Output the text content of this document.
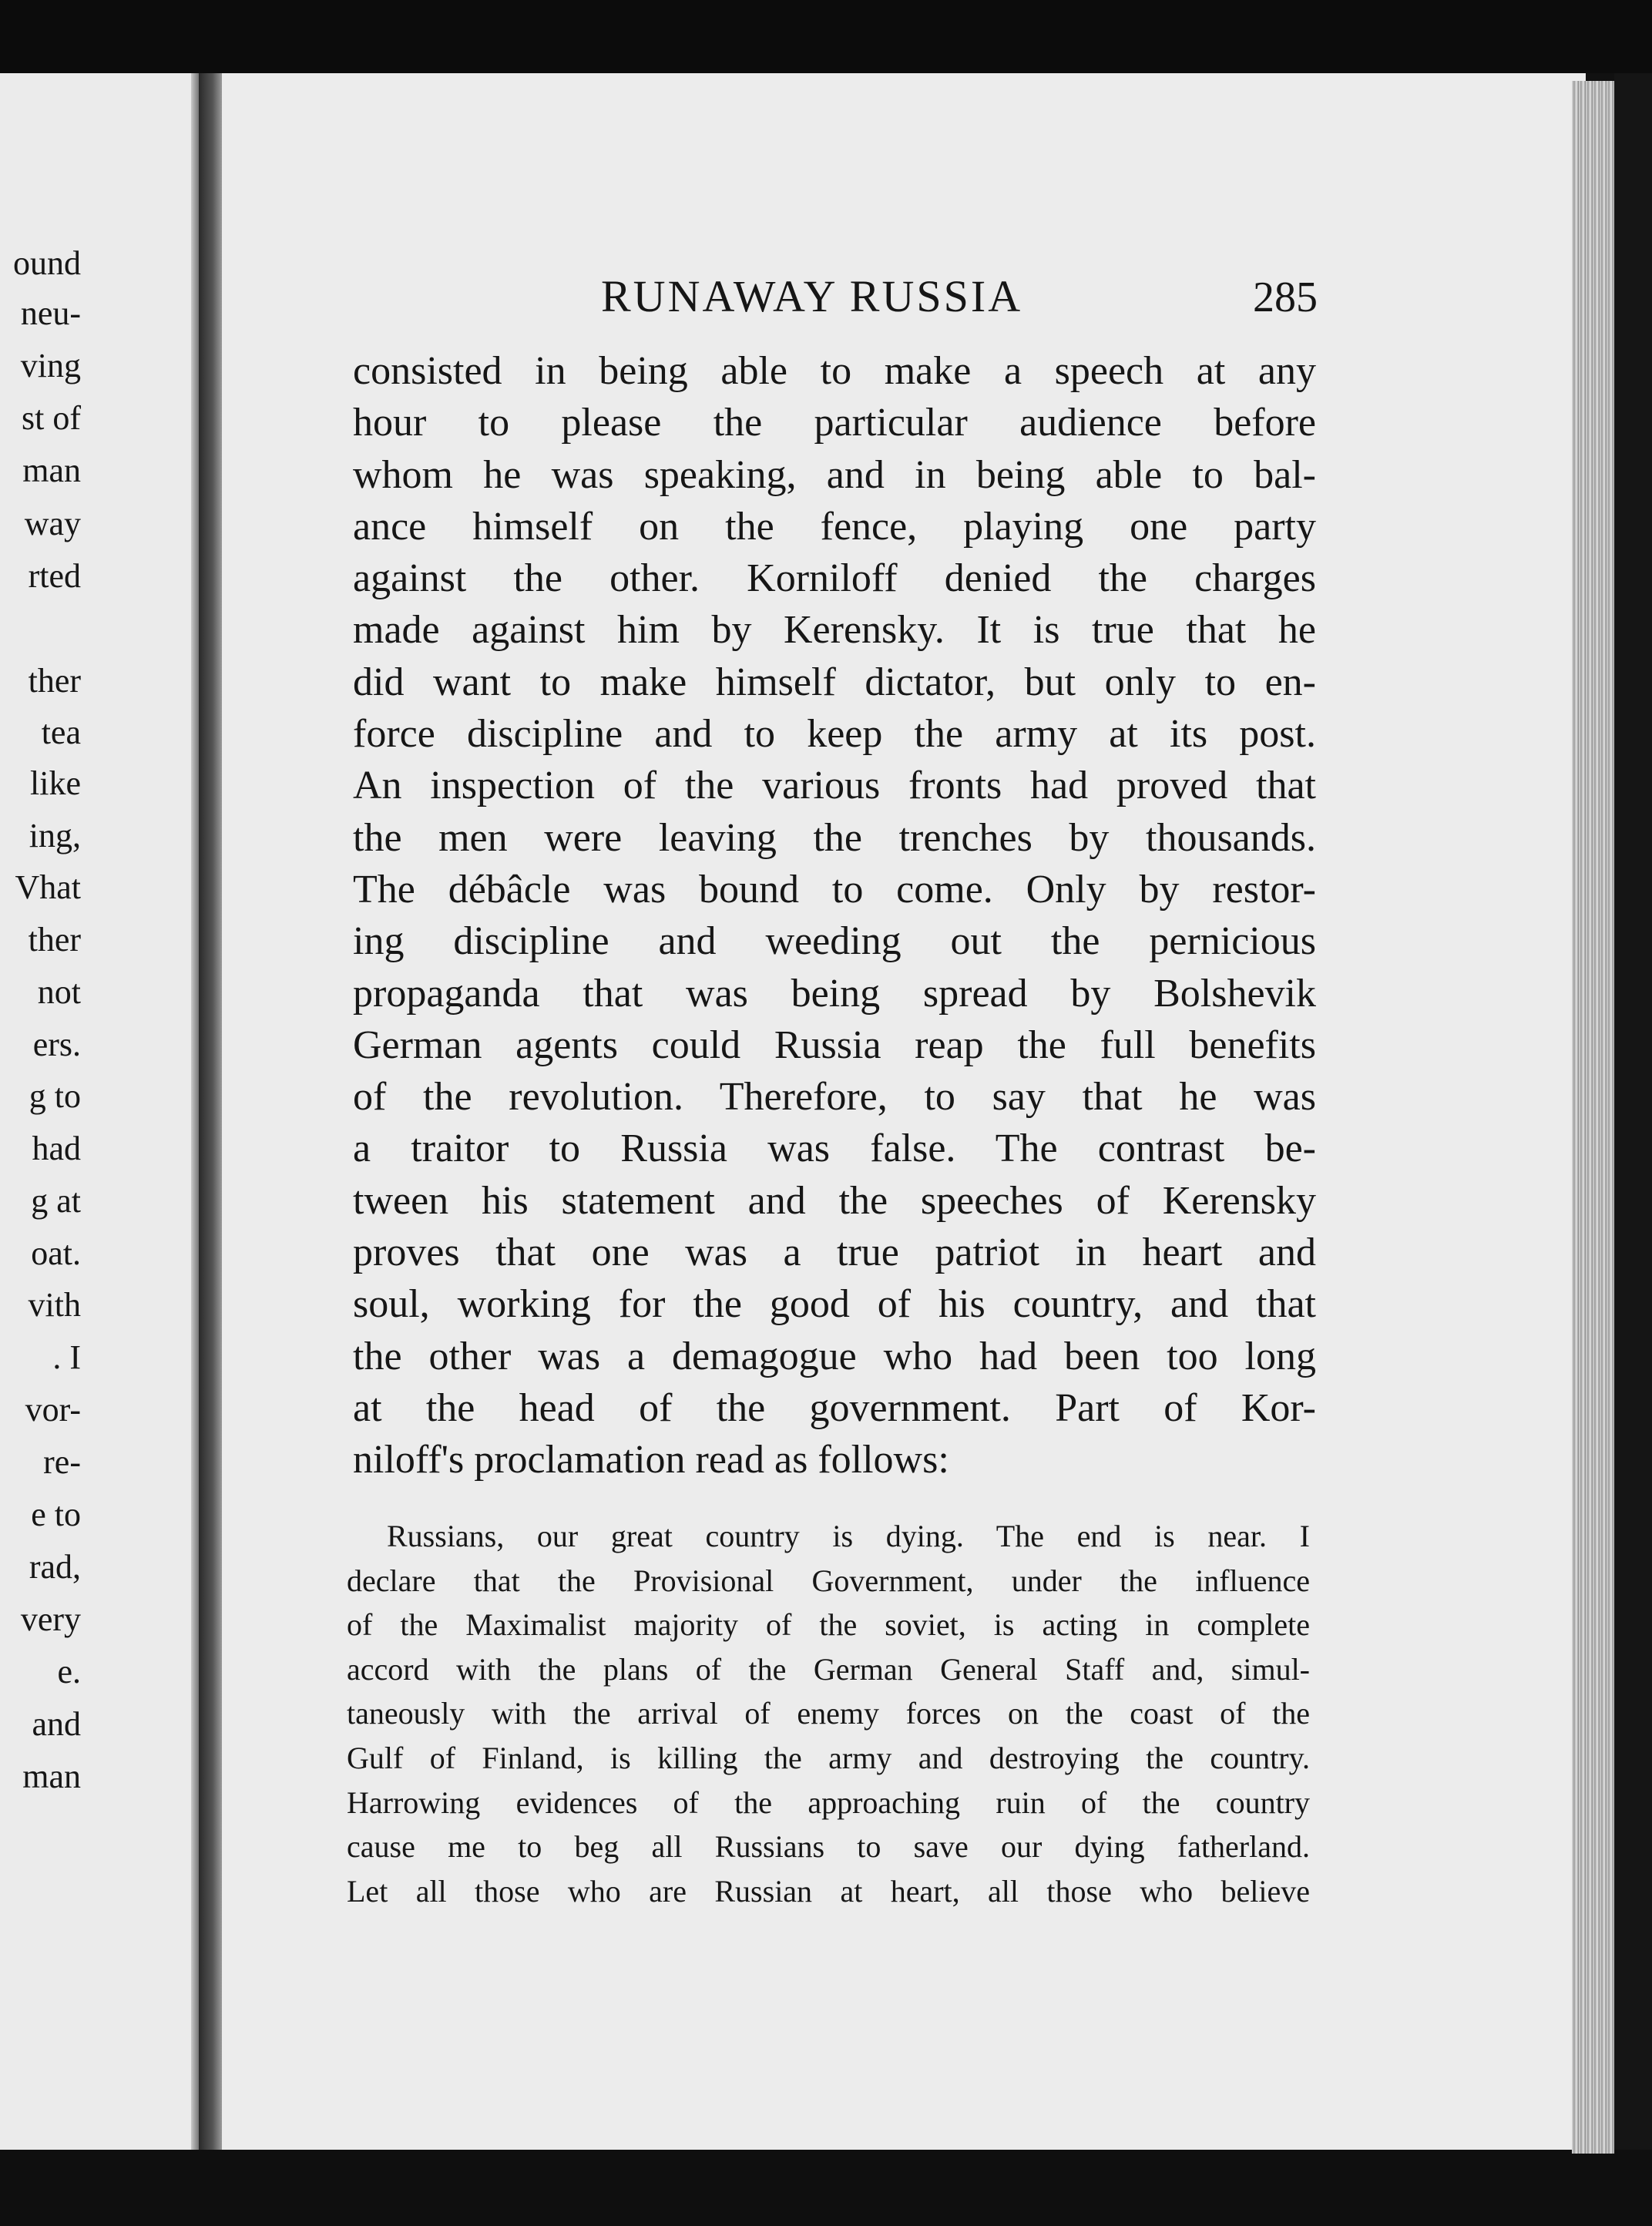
ound
neu-
ving
st of
man
way
rted
ther
tea
like
ing,
Vhat
ther
not
ers.
g to
had
g at
oat.
vith
. I
vor-
re-
e to
rad,
very
e.
and
man
RUNAWAY RUSSIA	285
consisted in being able to make a speech at any
hour to please the particular audience before
whom he was speaking, and in being able to bal-
ance himself on the fence, playing one party
against the other. Korniloff denied the charges
made against him by Kerensky. It is true that he
did want to make himself dictator, but only to en-
force discipline and to keep the army at its post.
An inspection of the various fronts had proved that
the men were leaving the trenches by thousands.
The débâcle was bound to come. Only by restor-
ing discipline and weeding out the pernicious
propaganda that was being spread by Bolshevik
German agents could Russia reap the full benefits
of the revolution. Therefore, to say that he was
a traitor to Russia was false. The contrast be-
tween his statement and the speeches of Kerensky
proves that one was a true patriot in heart and
soul, working for the good of his country, and that
the other was a demagogue who had been too long
at the head of the government. Part of Kor-
niloff's proclamation read as follows:
Russians, our great country is dying. The end is near. I
declare that the Provisional Government, under the influence
of the Maximalist majority of the soviet, is acting in complete
accord with the plans of the German General Staff and, simul-
taneously with the arrival of enemy forces on the coast of the
Gulf of Finland, is killing the army and destroying the country.
Harrowing evidences of the approaching ruin of the country
cause me to beg all Russians to save our dying fatherland.
Let all those who are Russian at heart, all those who believe
